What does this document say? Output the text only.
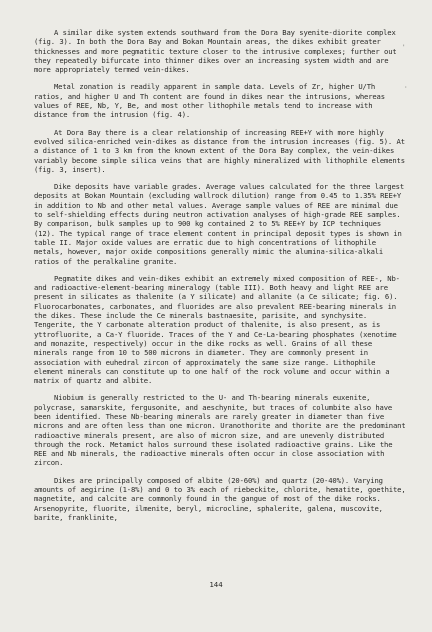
'
·

A similar dike system extends southward from the Dora Bay syenite-diorite complex (fig. 3). In both the Dora Bay and Bokan Mountain areas, the dikes exhibit greater thicknesses and more pegmatitic texture closer to the intrusive complexes; further out they repeatedly bifurcate into thinner dikes over an increasing system width and are more appropriately termed vein-dikes.

Metal zonation is readily apparent in sample data. Levels of Zr, higher U/Th ratios, and higher U and Th content are found in dikes near the intrusions, whereas values of REE, Nb, Y, Be, and most other lithophile metals tend to increase with distance from the intrusion (fig. 4).

At Dora Bay there is a clear relationship of increasing REE+Y with more highly evolved silica-enriched vein-dikes as distance from the intrusion increases (fig. 5). At a distance of 1 to 3 km from the known extent of the Dora Bay complex, the vein-dikes variably become simple silica veins that are highly mineralized with lithophile elements (fig. 3, insert).

Dike deposits have variable grades. Average values calculated for the three largest deposits at Bokan Mountain (excluding wallrock dilution) range from 0.45 to 1.35% REE+Y in addition to Nb and other metal values. Average sample values of REE are minimal due to self-shielding effects during neutron activation analyses of high-grade REE samples. By comparison, bulk samples up to 900 kg contained 2 to 5% REE+Y by ICP techniques (12). The typical range of trace element content in principal deposit types is shown in table II. Major oxide values are erratic due to high concentrations of lithophile metals, however, major oxide compositions generally mimic the alumina-silica-alkali ratios of the peralkaline granite.

Pegmatite dikes and vein-dikes exhibit an extremely mixed composition of REE-, Nb- and radioactive-element-bearing mineralogy (table III). Both heavy and light REE are present in silicates as thalenite (a Y silicate) and allanite (a Ce silicate; fig. 6). Fluorocarbonates, carbonates, and fluorides are also prevalent REE-bearing minerals in the dikes. These include the Ce minerals bastnaesite, parisite, and synchysite. Tengerite, the Y carbonate alteration product of thalenite, is also present, as is yttrofluorite, a Ca-Y fluoride. Traces of the Y and Ce-La-bearing phosphates (xenotime and monazite, respectively) occur in the dike rocks as well. Grains of all these minerals range from 10 to 500 microns in diameter. They are commonly present in association with euhedral zircon of approximately the same size range. Lithophile element minerals can constitute up to one half of the rock volume and occur within a matrix of quartz and albite.

Niobium is generally restricted to the U- and Th-bearing minerals euxenite, polycrase, samarskite, fergusonite, and aeschynite, but traces of columbite also have been identified. These Nb-bearing minerals are rarely greater in diameter than five microns and are often less than one micron. Uranothorite and thorite are the predominant radioactive minerals present, are also of micron size, and are unevenly distributed through the rock. Metamict halos surround these isolated radioactive grains. Like the REE and Nb minerals, the radioactive minerals often occur in close association with zircon.

Dikes are principally composed of albite (20-60%) and quartz (20-40%). Varying amounts of aegirine (1-8%) and 0 to 3% each of riebeckite, chlorite, hematite, goethite, magnetite, and calcite are commonly found in the gangue of most of the dike rocks. Arsenopyrite, fluorite, ilmenite, beryl, microcline, sphalerite, galena, muscovite, barite, franklinite,

144
